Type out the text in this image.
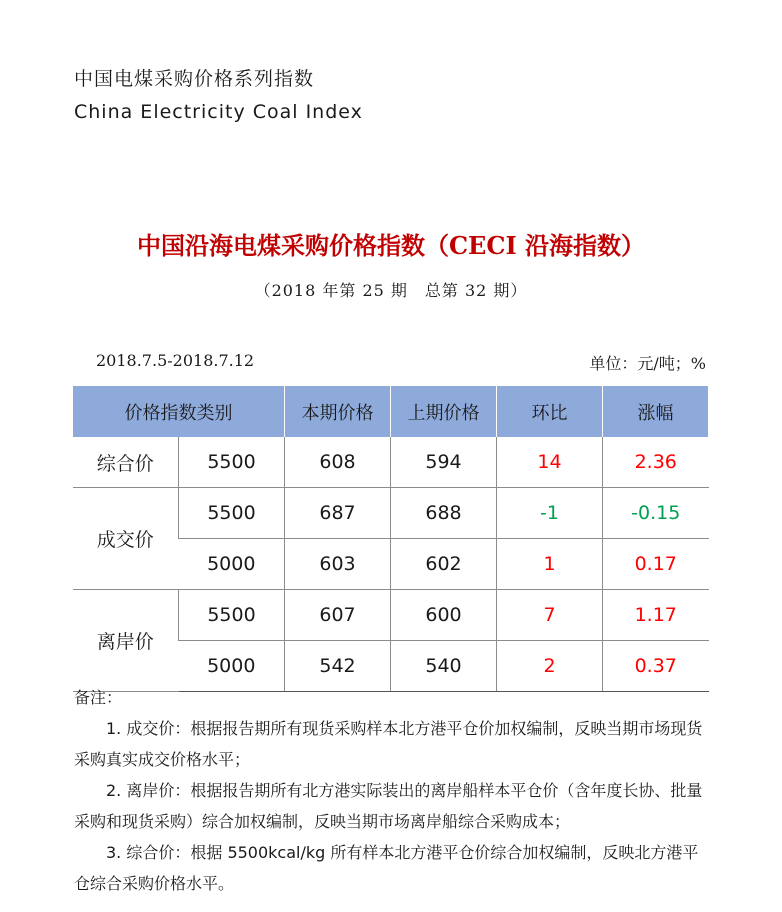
中国电煤采购价格系列指数
China Electricity Coal Index
中国沿海电煤采购价格指数（CECI 沿海指数）
（2018 年第 25 期　总第 32 期）
2018.7.5-2018.7.12	单位：元/吨；%
价格指数类别		本期价格	上期价格	环比	涨幅
综合价	5500	608	594	14	2.36
成交价	5500	687	688	-1	-0.15
	5000	603	602	1	0.17
离岸价	5500	607	600	7	1.17
	5000	542	540	2	0.37

备注：

1. 成交价：根据报告期所有现货采购样本北方港平仓价加权编制，反映当期市场现货采购真实成交价格水平；

2. 离岸价：根据报告期所有北方港实际装出的离岸船样本平仓价（含年度长协、批量采购和现货采购）综合加权编制，反映当期市场离岸船综合采购成本；

3. 综合价：根据 5500kcal/kg 所有样本北方港平仓价综合加权编制，反映北方港平仓综合采购价格水平。
